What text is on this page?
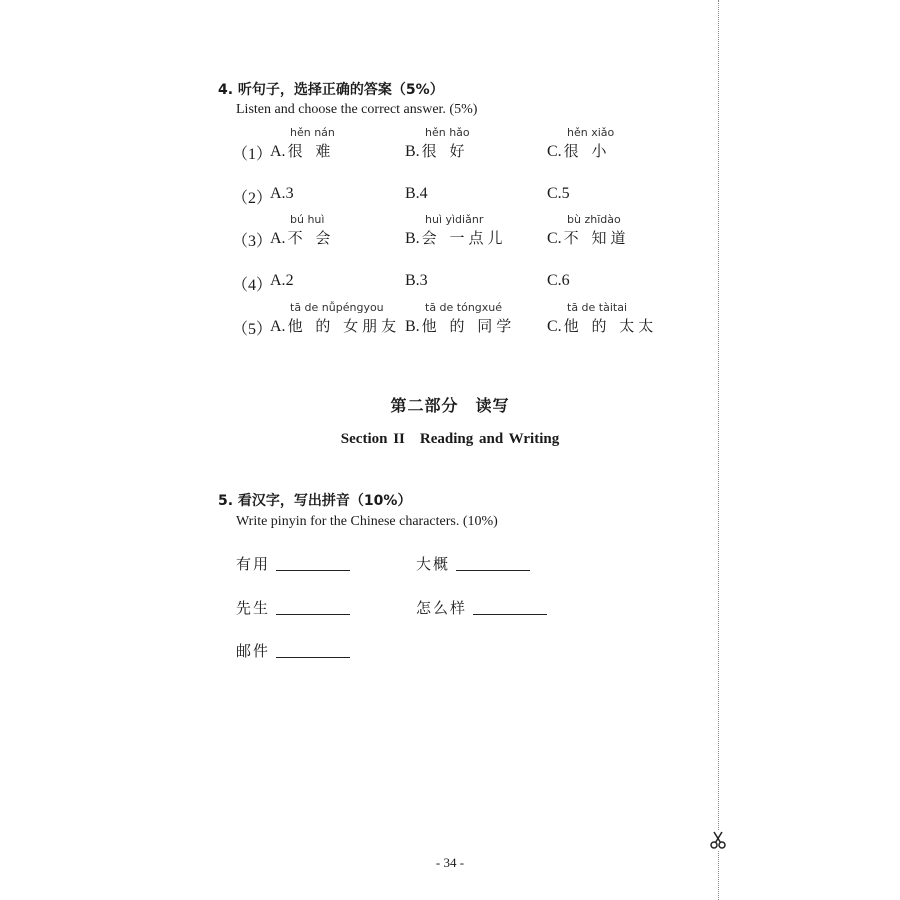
4. 听句子，选择正确的答案（5%）
Listen and choose the correct answer. (5%)
（1）
hěn nán
A. 很 难
hěn hǎo
B. 很 好
hěn xiǎo
C. 很 小
（2）
A.3	B.4	C.5
（3）
bú huì
A. 不 会
huì yìdiǎnr
B. 会 一点儿
bù zhīdào
C. 不 知道
（4）
A.2	B.3	C.6
（5）
tā de nǚpéngyou
A. 他 的 女朋友
tā de tóngxué
B. 他 的 同学
tā de tàitai
C. 他 的 太太
第二部分　读写
Section II　Reading and Writing
5. 看汉字，写出拼音（10%）
Write pinyin for the Chinese characters. (10%)
有用	大概
先生	怎么样
邮件
- 34 -
